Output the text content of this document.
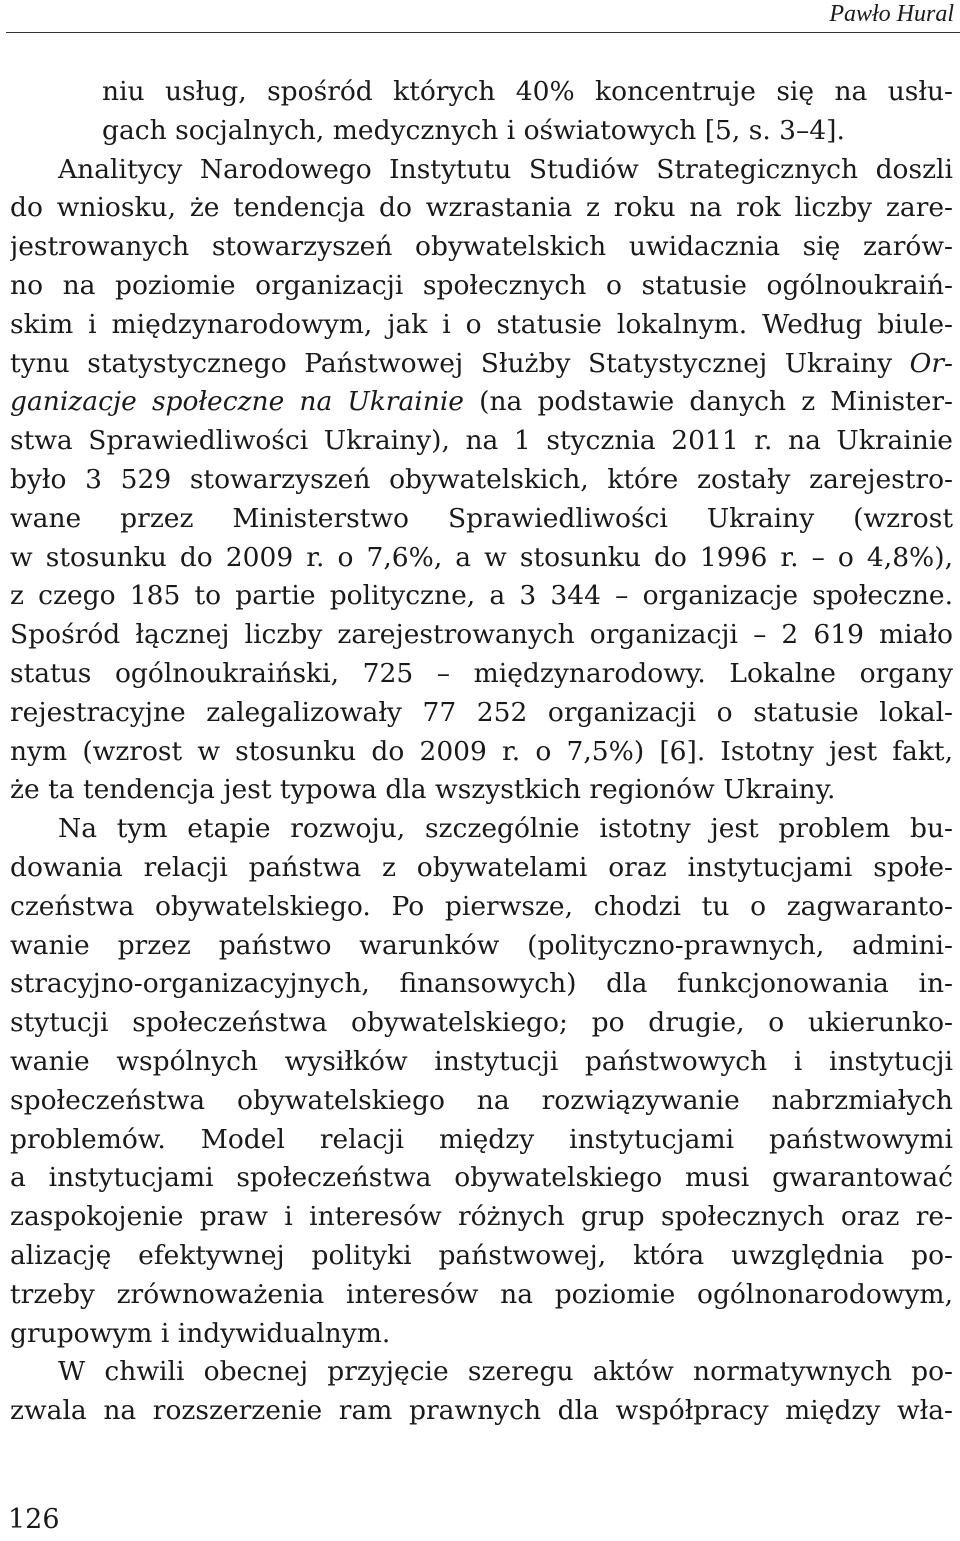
Pawło Hural
niu usług, spośród których 40% koncentruje się na usłu-
gach socjalnych, medycznych i oświatowych [5, s. 3–4].
Analitycy Narodowego Instytutu Studiów Strategicznych doszli
do wniosku, że tendencja do wzrastania z roku na rok liczby zare-
jestrowanych stowarzyszeń obywatelskich uwidacznia się zarów-
no na poziomie organizacji społecznych o statusie ogólnoukraiń-
skim i międzynarodowym, jak i o statusie lokalnym. Według biule-
tynu statystycznego Państwowej Służby Statystycznej Ukrainy Or-
ganizacje społeczne na Ukrainie (na podstawie danych z Minister-
stwa Sprawiedliwości Ukrainy), na 1 stycznia 2011 r. na Ukrainie
było 3 529 stowarzyszeń obywatelskich, które zostały zarejestro-
wane przez Ministerstwo Sprawiedliwości Ukrainy (wzrost
w stosunku do 2009 r. o 7,6%, a w stosunku do 1996 r. – o 4,8%),
z czego 185 to partie polityczne, a 3 344 – organizacje społeczne.
Spośród łącznej liczby zarejestrowanych organizacji – 2 619 miało
status ogólnoukraiński, 725 – międzynarodowy. Lokalne organy
rejestracyjne zalegalizowały 77 252 organizacji o statusie lokal-
nym (wzrost w stosunku do 2009 r. o 7,5%) [6]. Istotny jest fakt,
że ta tendencja jest typowa dla wszystkich regionów Ukrainy.
Na tym etapie rozwoju, szczególnie istotny jest problem bu-
dowania relacji państwa z obywatelami oraz instytucjami społe-
czeństwa obywatelskiego. Po pierwsze, chodzi tu o zagwaranto-
wanie przez państwo warunków (polityczno-prawnych, admini-
stracyjno-organizacyjnych, finansowych) dla funkcjonowania in-
stytucji społeczeństwa obywatelskiego; po drugie, o ukierunko-
wanie wspólnych wysiłków instytucji państwowych i instytucji
społeczeństwa obywatelskiego na rozwiązywanie nabrzmiałych
problemów. Model relacji między instytucjami państwowymi
a instytucjami społeczeństwa obywatelskiego musi gwarantować
zaspokojenie praw i interesów różnych grup społecznych oraz re-
alizację efektywnej polityki państwowej, która uwzględnia po-
trzeby zrównoważenia interesów na poziomie ogólnonarodowym,
grupowym i indywidualnym.
W chwili obecnej przyjęcie szeregu aktów normatywnych po-
zwala na rozszerzenie ram prawnych dla współpracy między wła-
126
